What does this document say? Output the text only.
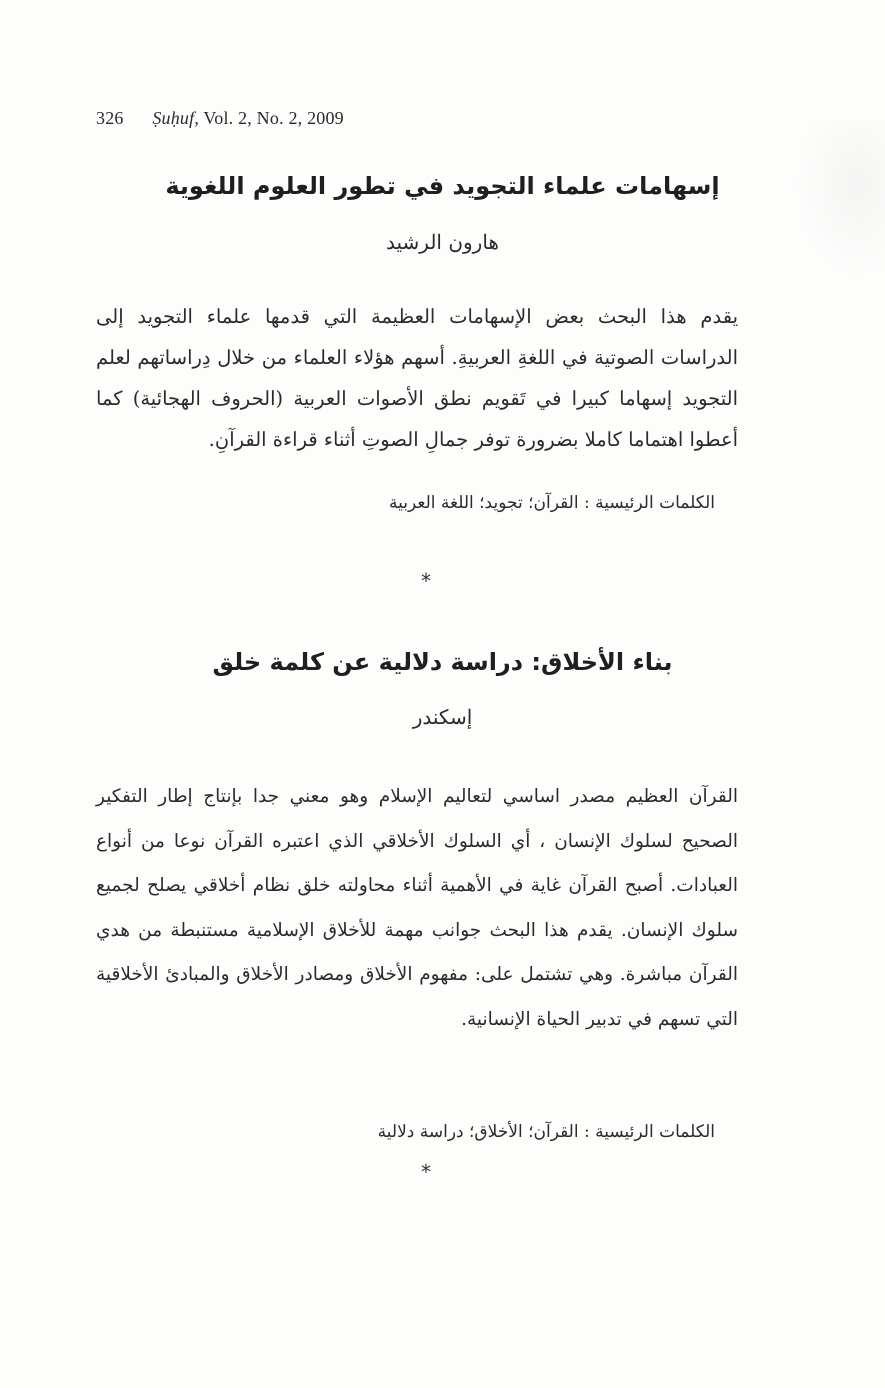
326 Ṣuḥuf, Vol. 2, No. 2, 2009
إسهامات علماء التجويد في تطور العلوم اللغوية
هارون الرشيد

يقدم هذا البحث بعض الإسهامات العظيمة التي قدمها علماء التجويد إلى الدراسات الصوتية في اللغةِ العربيةِ. أسهم هؤلاء العلماء من خلال دِراساتهم لعلم التجويد إسهاما كبيرا في تَقويم نطق الأصوات العربية (الحروف الهجائية) كما أعطوا اهتماما كاملا بضرورة توفر جمالِ الصوتِ أثناء قراءة القرآنِ.

الكلمات الرئيسية : القرآن؛ تجويد؛ اللغة العربية
*
بناء الأخلاق: دراسة دلالية عن كلمة خلق
إسكندر

القرآن العظيم مصدر اساسي لتعاليم الإسلام وهو معني جدا بإنتاج إطار التفكير الصحيح لسلوك الإنسان ، أي السلوك الأخلاقي الذي اعتبره القرآن نوعا من أنواع العبادات. أصبح القرآن غاية في الأهمية أثناء محاولته خلق نظام أخلاقي يصلح لجميع سلوك الإنسان. يقدم هذا البحث جوانب مهمة للأخلاق الإسلامية مستنبطة من هدي القرآن مباشرة. وهي تشتمل على: مفهوم الأخلاق ومصادر الأخلاق والمبادئ الأخلاقية التي تسهم في تدبير الحياة الإنسانية.

الكلمات الرئيسية : القرآن؛ الأخلاق؛ دراسة دلالية
*
